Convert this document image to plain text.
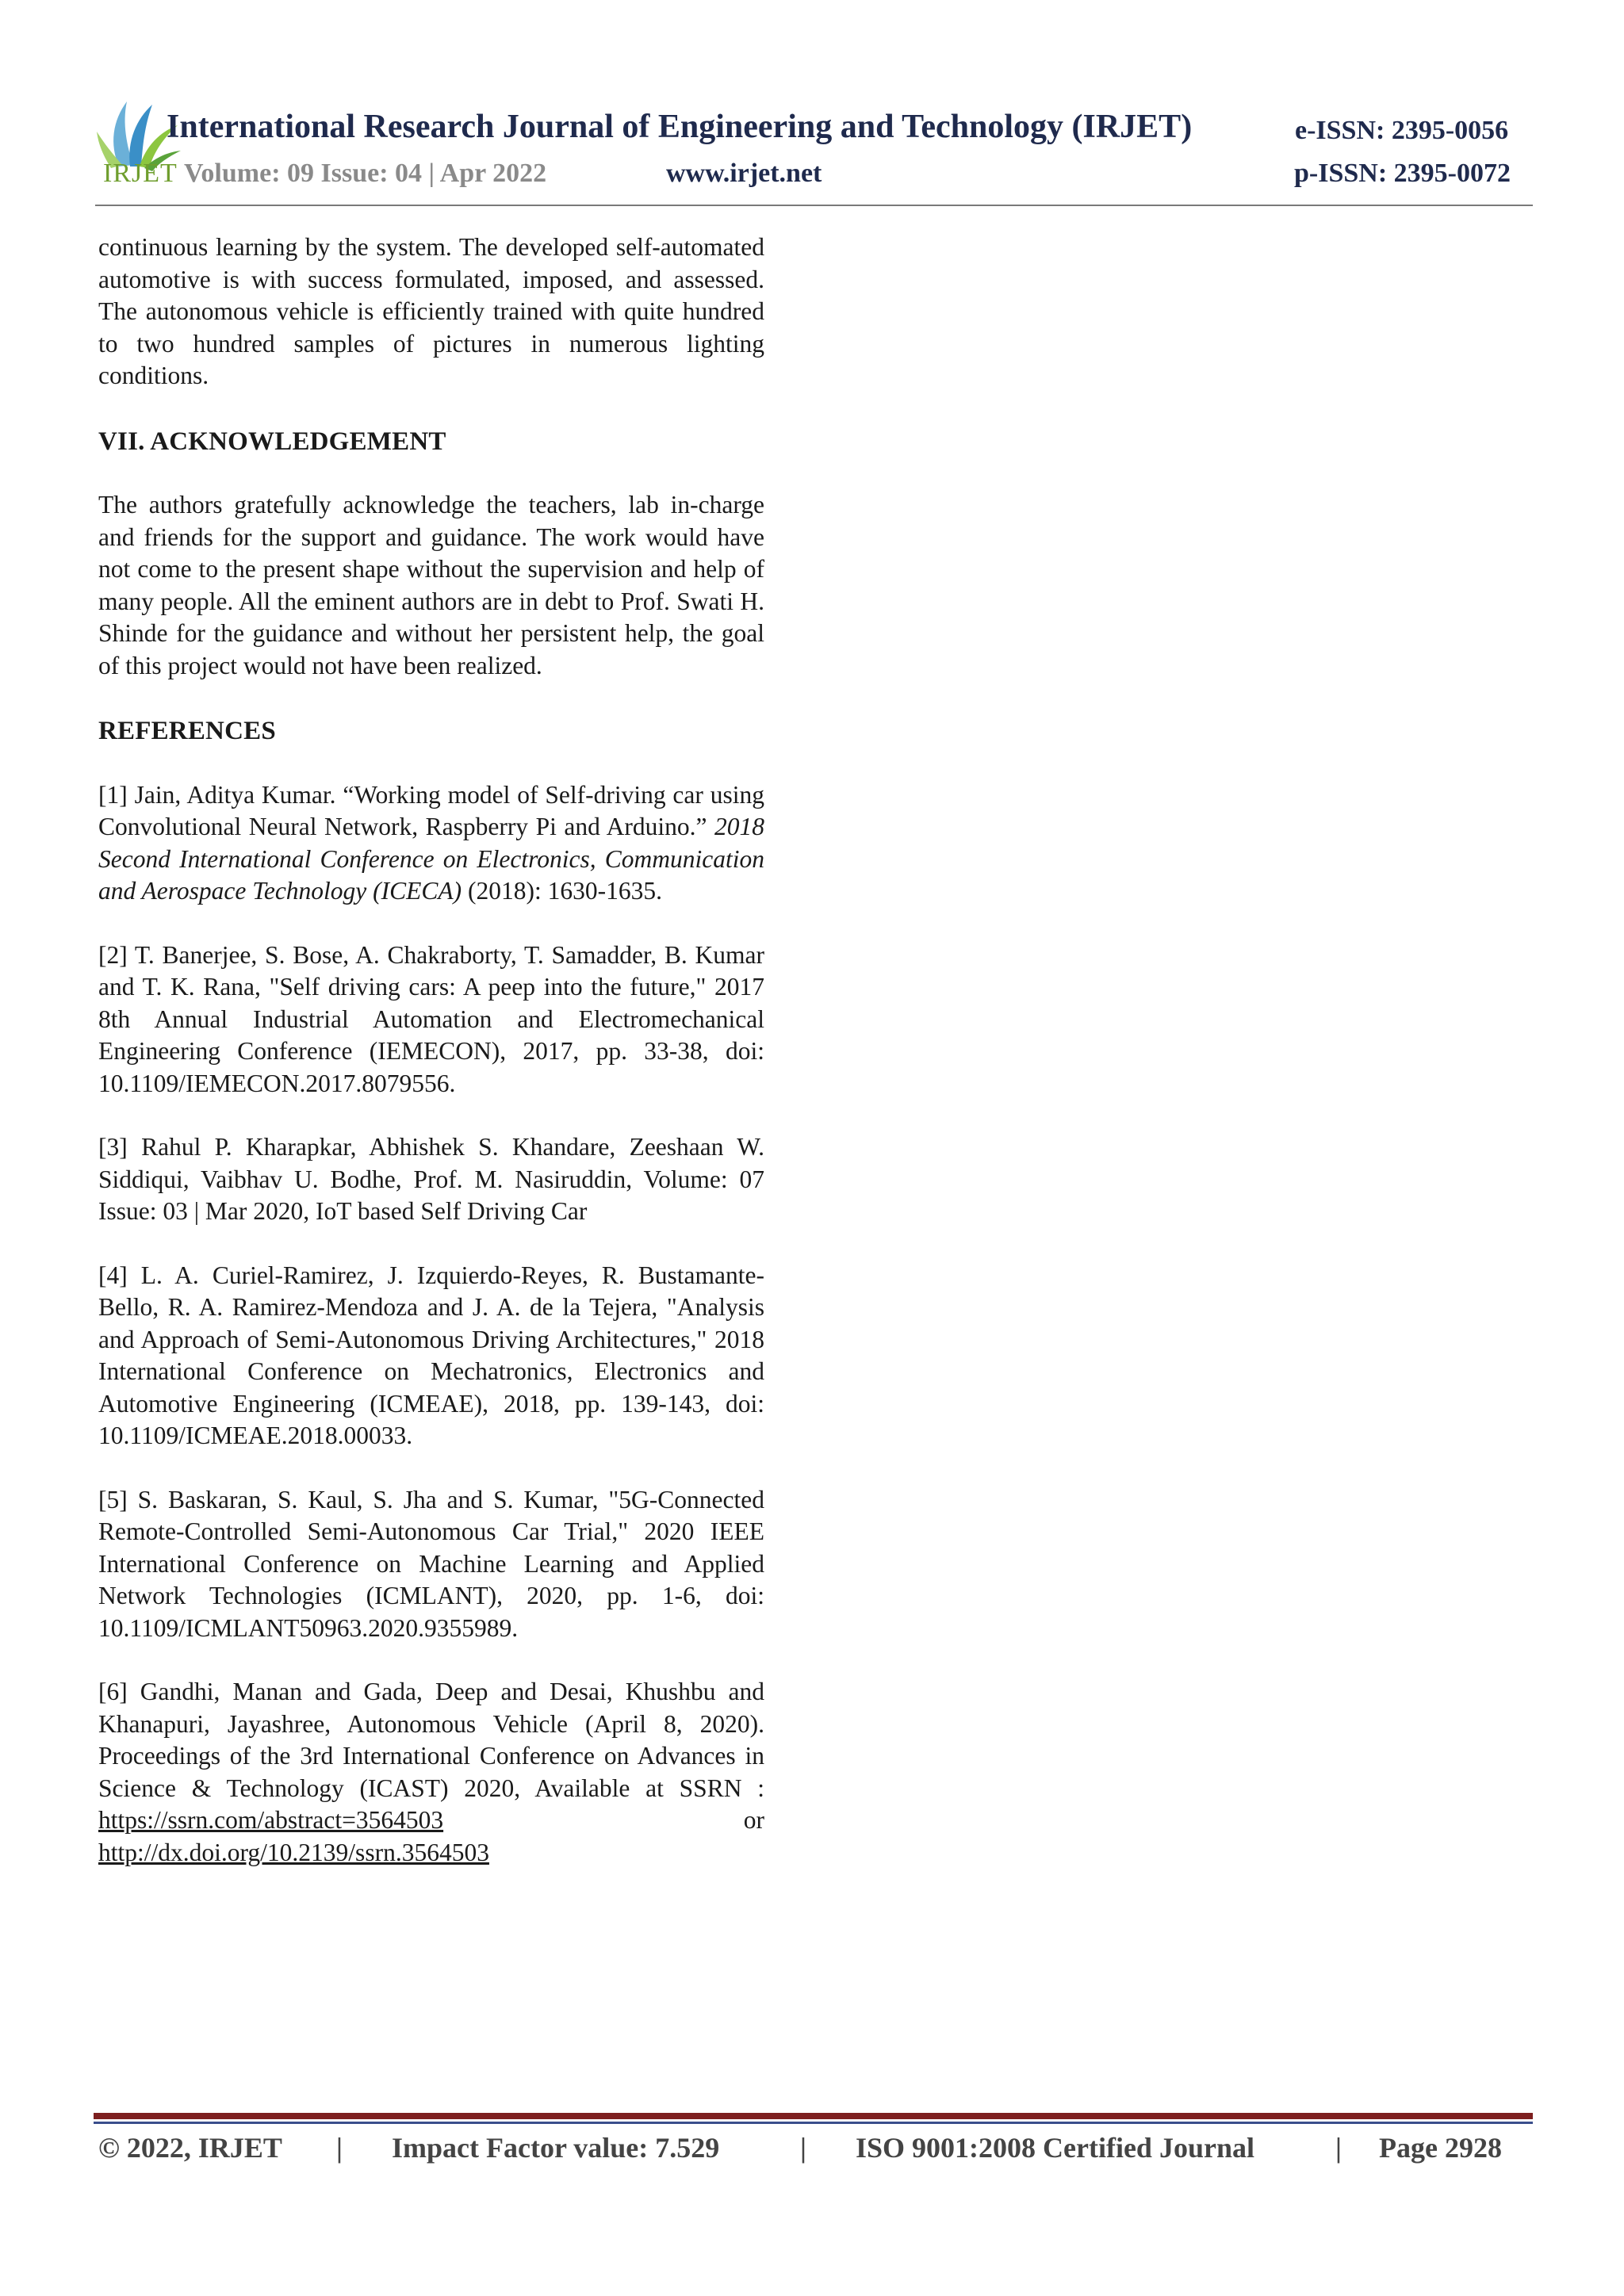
IRJET
International Research Journal of Engineering and Technology (IRJET)	e-ISSN: 2395-0056
Volume: 09 Issue: 04 | Apr 2022	www.irjet.net	p-ISSN: 2395-0072

continuous learning by the system. The developed self-automated automotive is with success formulated, imposed, and assessed. The autonomous vehicle is efficiently trained with quite hundred to two hundred samples of pictures in numerous lighting conditions.

VII. ACKNOWLEDGEMENT

The authors gratefully acknowledge the teachers, lab in-charge and friends for the support and guidance. The work would have not come to the present shape without the supervision and help of many people. All the eminent authors are in debt to Prof. Swati H. Shinde for the guidance and without her persistent help, the goal of this project would not have been realized.

REFERENCES

[1] Jain, Aditya Kumar. “Working model of Self-driving car using Convolutional Neural Network, Raspberry Pi and Arduino.” 2018 Second International Conference on Electronics, Communication and Aerospace Technology (ICECA) (2018): 1630-1635.

[2] T. Banerjee, S. Bose, A. Chakraborty, T. Samadder, B. Kumar and T. K. Rana, "Self driving cars: A peep into the future," 2017 8th Annual Industrial Automation and Electromechanical Engineering Conference (IEMECON), 2017, pp. 33-38, doi: 10.1109/IEMECON.2017.8079556.

[3] Rahul P. Kharapkar, Abhishek S. Khandare, Zeeshaan W. Siddiqui, Vaibhav U. Bodhe, Prof. M. Nasiruddin, Volume: 07 Issue: 03 | Mar 2020, IoT based Self Driving Car

[4] L. A. Curiel-Ramirez, J. Izquierdo-Reyes, R. Bustamante-Bello, R. A. Ramirez-Mendoza and J. A. de la Tejera, "Analysis and Approach of Semi-Autonomous Driving Architectures," 2018 International Conference on Mechatronics, Electronics and Automotive Engineering (ICMEAE), 2018, pp. 139-143, doi: 10.1109/ICMEAE.2018.00033.

[5] S. Baskaran, S. Kaul, S. Jha and S. Kumar, "5G-Connected Remote-Controlled Semi-Autonomous Car Trial," 2020 IEEE International Conference on Machine Learning and Applied Network Technologies (ICMLANT), 2020, pp. 1-6, doi: 10.1109/ICMLANT50963.2020.9355989.

[6] Gandhi, Manan and Gada, Deep and Desai, Khushbu and Khanapuri, Jayashree, Autonomous Vehicle (April 8, 2020). Proceedings of the 3rd International Conference on Advances in Science & Technology (ICAST) 2020, Available at SSRN : https://ssrn.com/abstract=3564503 or http://dx.doi.org/10.2139/ssrn.3564503

© 2022, IRJET | Impact Factor value: 7.529	| ISO 9001:2008 Certified Journal	| Page 2928
